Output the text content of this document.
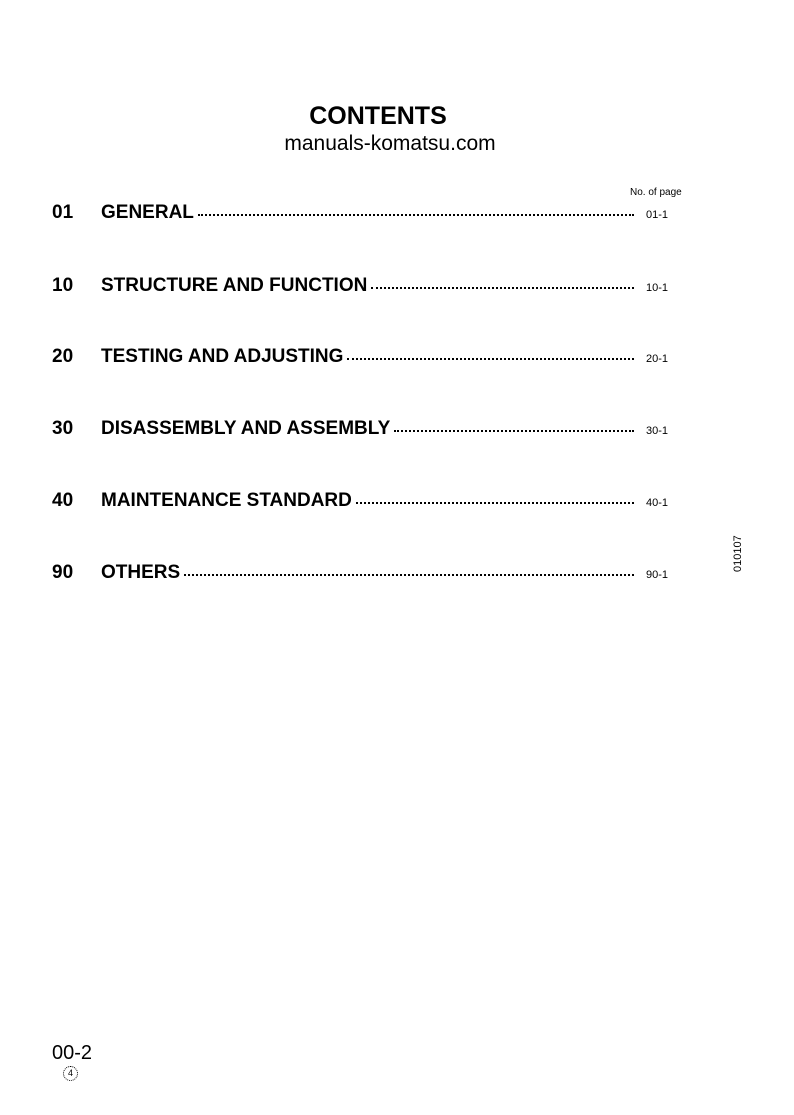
CONTENTS
manuals-komatsu.com
No. of page
01	GENERAL	01-1
10	STRUCTURE AND FUNCTION	10-1
20	TESTING AND ADJUSTING	20-1
30	DISASSEMBLY AND ASSEMBLY	30-1
40	MAINTENANCE STANDARD	40-1
90	OTHERS	90-1
010107
00-2
4
